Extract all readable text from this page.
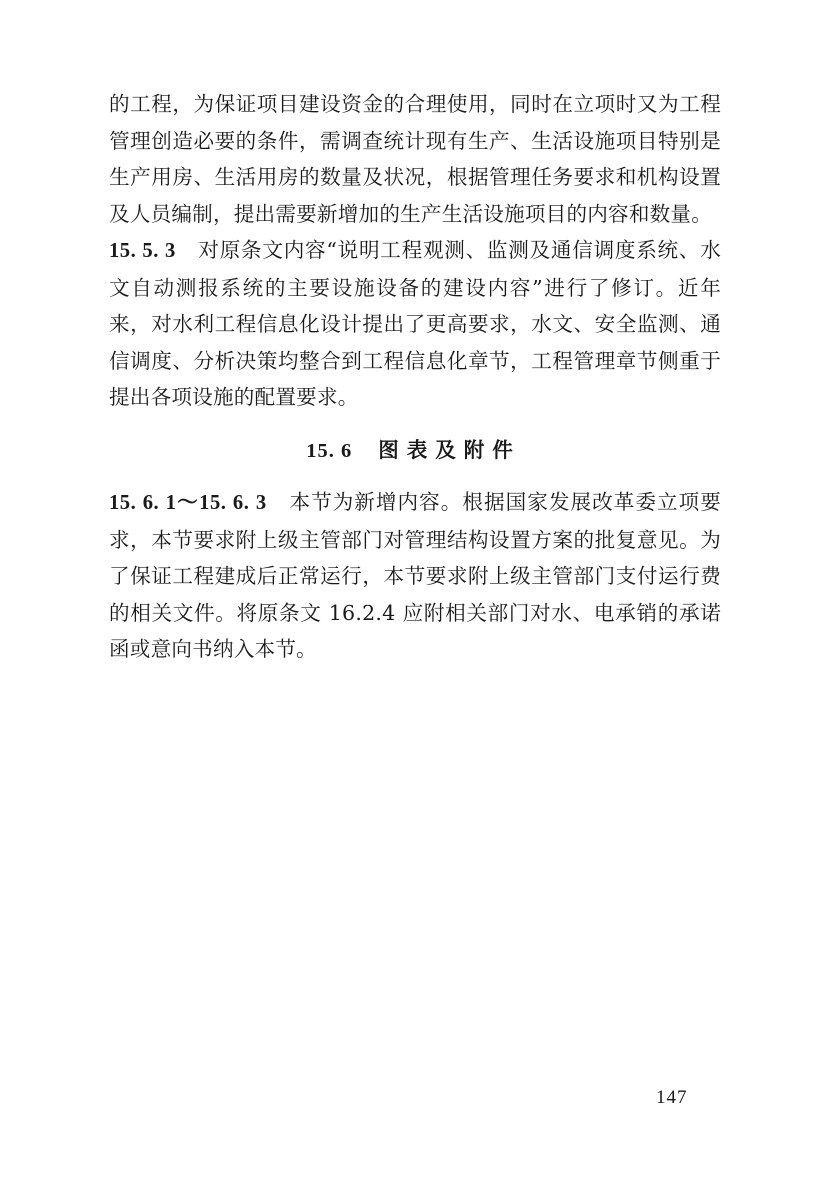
的工程，为保证项目建设资金的合理使用，同时在立项时又为工程管理创造必要的条件，需调查统计现有生产、生活设施项目特别是生产用房、生活用房的数量及状况，根据管理任务要求和机构设置及人员编制，提出需要新增加的生产生活设施项目的内容和数量。

15. 5. 3 对原条文内容“说明工程观测、监测及通信调度系统、水文自动测报系统的主要设施设备的建设内容”进行了修订。近年来，对水利工程信息化设计提出了更高要求，水文、安全监测、通信调度、分析决策均整合到工程信息化章节，工程管理章节侧重于提出各项设施的配置要求。

15. 6 图表及附件

15. 6. 1～15. 6. 3 本节为新增内容。根据国家发展改革委立项要求，本节要求附上级主管部门对管理结构设置方案的批复意见。为了保证工程建成后正常运行，本节要求附上级主管部门支付运行费的相关文件。将原条文 16.2.4 应附相关部门对水、电承销的承诺函或意向书纳入本节。

147
